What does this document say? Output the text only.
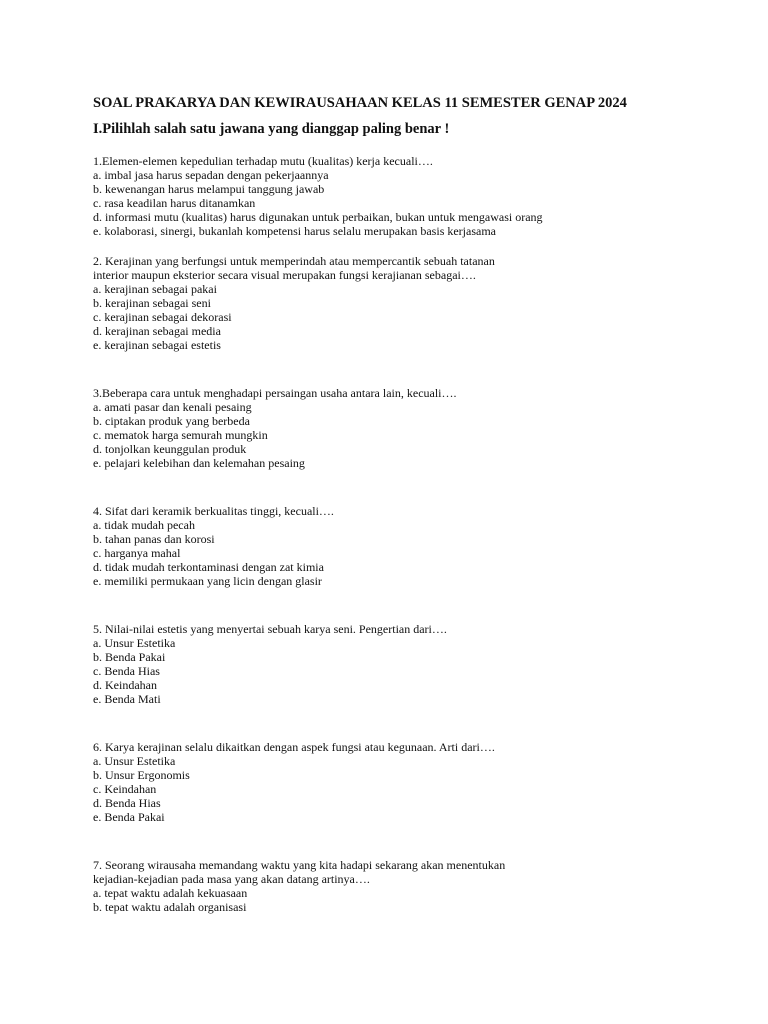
SOAL PRAKARYA DAN KEWIRAUSAHAAN KELAS 11 SEMESTER GENAP 2024
I.Pilihlah salah satu jawana yang dianggap paling benar !

1.Elemen-elemen kepedulian terhadap mutu (kualitas) kerja kecuali….

a. imbal jasa harus sepadan dengan pekerjaannya
b. kewenangan harus melampui tanggung jawab
c. rasa keadilan harus ditanamkan
d. informasi mutu (kualitas) harus digunakan untuk perbaikan, bukan untuk mengawasi orang
e. kolaborasi, sinergi, bukanlah kompetensi harus selalu merupakan basis kerjasama

2. Kerajinan yang berfungsi untuk memperindah atau mempercantik sebuah tatanan interior maupun eksterior secara visual merupakan fungsi kerajianan sebagai….

a. kerajinan sebagai pakai
b. kerajinan sebagai seni
c. kerajinan sebagai dekorasi
d. kerajinan sebagai media
e. kerajinan sebagai estetis

3.Beberapa cara untuk menghadapi persaingan usaha antara lain, kecuali….

a. amati pasar dan kenali pesaing
b. ciptakan produk yang berbeda
c. mematok harga semurah mungkin
d. tonjolkan keunggulan produk
e. pelajari kelebihan dan kelemahan pesaing

4. Sifat dari keramik berkualitas tinggi, kecuali….

a. tidak mudah pecah
b. tahan panas dan korosi
c. harganya mahal
d. tidak mudah terkontaminasi dengan zat kimia
e. memiliki permukaan yang licin dengan glasir

5. Nilai-nilai estetis yang menyertai sebuah karya seni. Pengertian dari….

a. Unsur Estetika
b. Benda Pakai
c. Benda Hias
d. Keindahan
e. Benda Mati

6. Karya kerajinan selalu dikaitkan dengan aspek fungsi atau kegunaan. Arti dari….

a. Unsur Estetika
b. Unsur Ergonomis
c. Keindahan
d. Benda Hias
e. Benda Pakai

7. Seorang wirausaha memandang waktu yang kita hadapi sekarang akan menentukan kejadian-kejadian pada masa yang akan datang artinya….

a. tepat waktu adalah kekuasaan
b. tepat waktu adalah organisasi
